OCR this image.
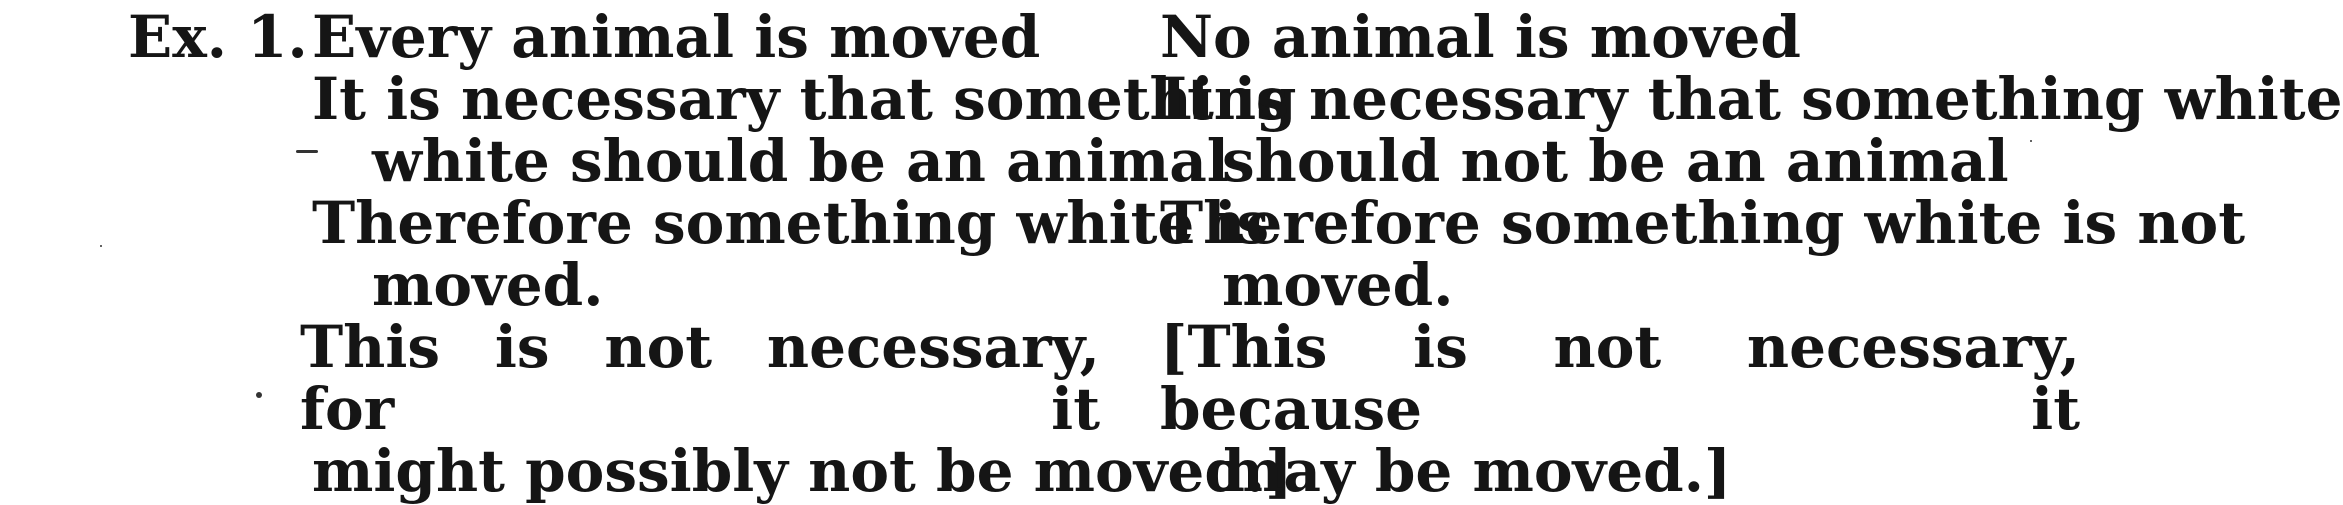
Ex. 1. Every animal is moved
It is necessary that something
white should be an animal
Therefore something white is
moved.
This is not necessary, for it
might possibly not be moved.]
No animal is moved
It is necessary that something white
should not be an animal
Therefore something white is not
moved.
[This is not necessary, because it
may be moved.]
